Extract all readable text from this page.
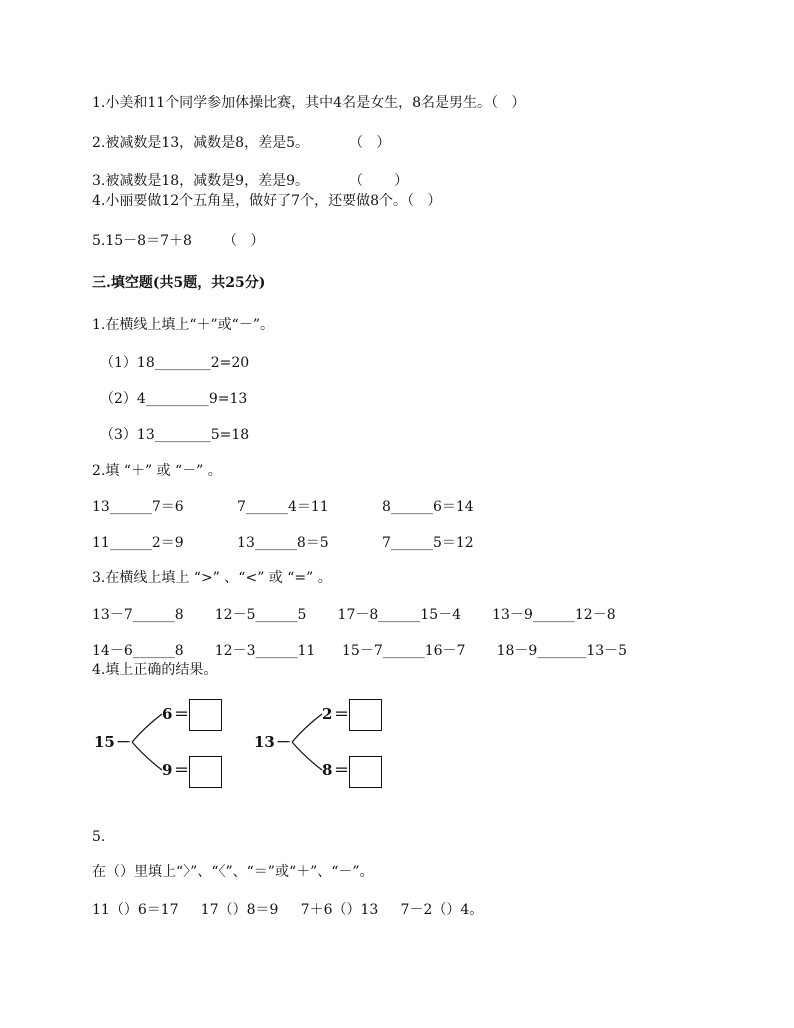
1.小美和11个同学参加体操比赛，其中4名是女生，8名是男生。（   ）
2.被减数是13，减数是8，差是5。         （   ）
3.被减数是18，减数是9，差是9。         （       ）
4.小丽要做12个五角星，做好了7个，还要做8个。（   ）
5.15－8＝7＋8       （   ）
三.填空题(共5题，共25分)
1.在横线上填上“＋”或“－”。
（1）18________2=20
（2）4_________9=13
（3）13________5=18
2.填 “＋” 或 “－” 。
13______7＝6            7______4＝11            8______6＝14
11______2＝9            13______8＝5            7______5＝12
3.在横线上填上 “>” 、“<” 或 “=” 。
13－7______8       12－5______5       17－8______15－4       13－9______12－8
14－6______8       12－3______11      15－7______16－7       18－9_______13－5
4.填上正确的结果。
15 －
6 ＝
9 ＝
13 －
2 ＝
8 ＝
5.
在（）里填上“〉”、“〈”、“＝”或“＋”、“－”。
11（）6＝17     17（）8＝9     7＋6（）13     7－2（）4。
